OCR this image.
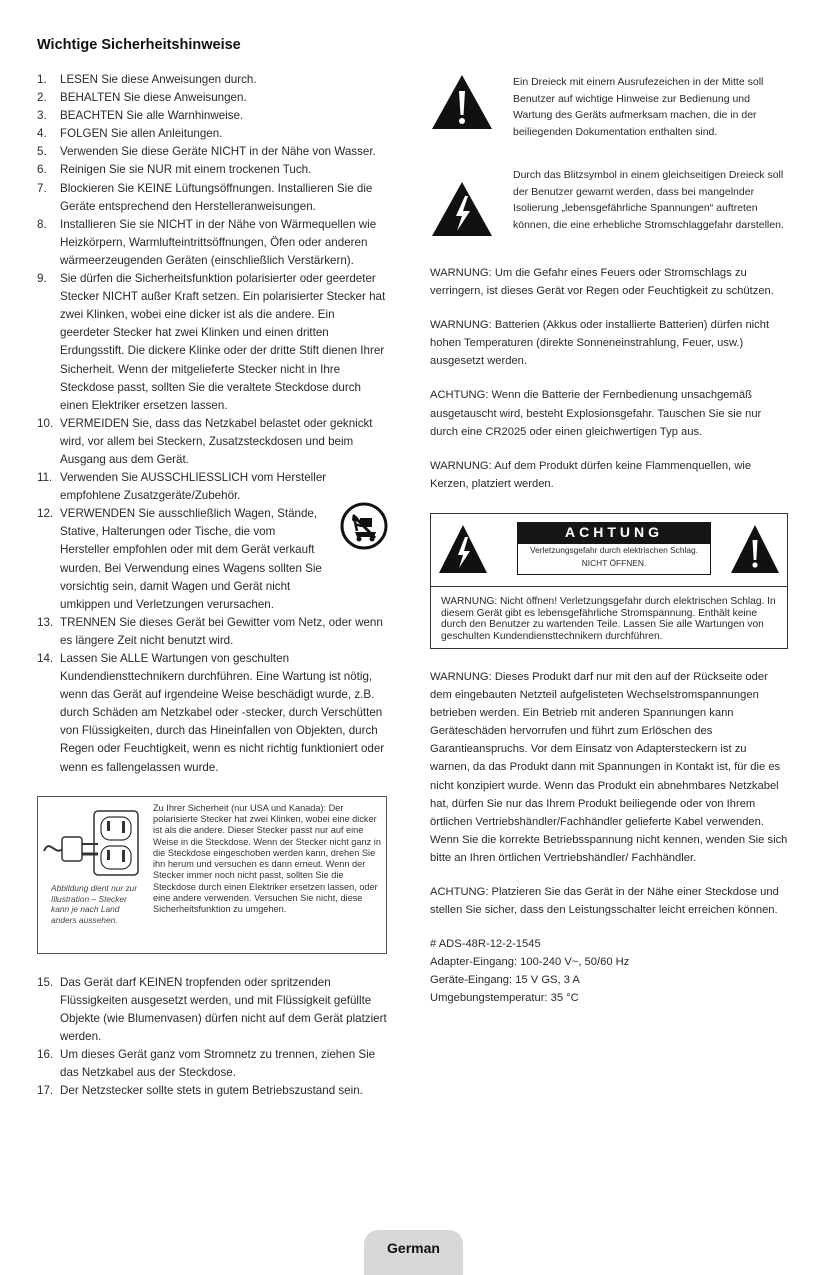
Wichtige Sicherheitshinweise
1. LESEN Sie diese Anweisungen durch.
2. BEHALTEN Sie diese Anweisungen.
3. BEACHTEN Sie alle Warnhinweise.
4. FOLGEN Sie allen Anleitungen.
5. Verwenden Sie diese Geräte NICHT in der Nähe von Wasser.
6. Reinigen Sie sie NUR mit einem trockenen Tuch.
7. Blockieren Sie KEINE Lüftungsöffnungen. Installieren Sie die Geräte entsprechend den Herstelleranweisungen.
8. Installieren Sie sie NICHT in der Nähe von Wärmequellen wie Heizkörpern, Warmlufteintrittsöffnungen, Öfen oder anderen wärmeerzeugenden Geräten (einschließlich Verstärkern).
9. Sie dürfen die Sicherheitsfunktion polarisierter oder geerdeter Stecker NICHT außer Kraft setzen. Ein polarisierter Stecker hat zwei Klinken, wobei eine dicker ist als die andere. Ein geerdeter Stecker hat zwei Klinken und einen dritten Erdungsstift. Die dickere Klinke oder der dritte Stift dienen Ihrer Sicherheit. Wenn der mitgelieferte Stecker nicht in Ihre Steckdose passt, sollten Sie die veraltete Steckdose durch einen Elektriker ersetzen lassen.
10. VERMEIDEN Sie, dass das Netzkabel belastet oder geknickt wird, vor allem bei Steckern, Zusatzsteckdosen und beim Ausgang aus dem Gerät.
11. Verwenden Sie AUSSCHLIESSLICH vom Hersteller empfohlene Zusatzgeräte/Zubehör.
12. VERWENDEN Sie ausschließlich Wagen, Stände, Stative, Halterungen oder Tische, die vom Hersteller empfohlen oder mit dem Gerät verkauft wurden. Bei Verwendung eines Wagens sollten Sie vorsichtig sein, damit Wagen und Gerät nicht umkippen und Verletzungen verursachen.
13. TRENNEN Sie dieses Gerät bei Gewitter vom Netz, oder wenn es längere Zeit nicht benutzt wird.
14. Lassen Sie ALLE Wartungen von geschulten Kundendiensttechnikern durchführen. Eine Wartung ist nötig, wenn das Gerät auf irgendeine Weise beschädigt wurde, z.B. durch Schäden am Netzkabel oder -stecker, durch Verschütten von Flüssigkeiten, durch das Hineinfallen von Objekten, durch Regen oder Feuchtigkeit, wenn es nicht richtig funktioniert oder wenn es fallengelassen wurde.
Abbildung dient nur zur Illustration – Stecker kann je nach Land anders aussehen.
Zu Ihrer Sicherheit (nur USA und Kanada): Der polarisierte Stecker hat zwei Klinken, wobei eine dicker ist als die andere. Dieser Stecker passt nur auf eine Weise in die Steckdose. Wenn der Stecker nicht ganz in die Steckdose eingeschoben werden kann, drehen Sie ihn herum und versuchen es dann erneut. Wenn der Stecker immer noch nicht passt, sollten Sie die Steckdose durch einen Elektriker ersetzen lassen, oder eine andere verwenden. Versuchen Sie nicht, diese Sicherheitsfunktion zu umgehen.
15. Das Gerät darf KEINEN tropfenden oder spritzenden Flüssigkeiten ausgesetzt werden, und mit Flüssigkeit gefüllte Objekte (wie Blumenvasen) dürfen nicht auf dem Gerät platziert werden.
16. Um dieses Gerät ganz vom Stromnetz zu trennen, ziehen Sie das Netzkabel aus der Steckdose.
17. Der Netzstecker sollte stets in gutem Betriebszustand sein.
Ein Dreieck mit einem Ausrufezeichen in der Mitte soll Benutzer auf wichtige Hinweise zur Bedienung und Wartung des Geräts aufmerksam machen, die in der beiliegenden Dokumentation enthalten sind.
Durch das Blitzsymbol in einem gleichseitigen Dreieck soll der Benutzer gewarnt werden, dass bei mangelnder Isolierung „lebensgefährliche Spannungen“ auftreten können, die eine erhebliche Stromschlaggefahr darstellen.

WARNUNG: Um die Gefahr eines Feuers oder Stromschlags zu verringern, ist dieses Gerät vor Regen oder Feuchtigkeit zu schützen.

WARNUNG: Batterien (Akkus oder installierte Batterien) dürfen nicht hohen Temperaturen (direkte Sonneneinstrahlung, Feuer, usw.) ausgesetzt werden.

ACHTUNG: Wenn die Batterie der Fernbedienung unsachgemäß ausgetauscht wird, besteht Explosionsgefahr. Tauschen Sie sie nur durch eine CR2025 oder einen gleichwertigen Typ aus.

WARNUNG: Auf dem Produkt dürfen keine Flammenquellen, wie Kerzen, platziert werden.

ACHTUNG
Verletzungsgefahr durch elektrischen Schlag. NICHT ÖFFNEN.
WARNUNG: Nicht öffnen! Verletzungsgefahr durch elektrischen Schlag. In diesem Gerät gibt es lebensgefährliche Stromspannung. Enthält keine durch den Benutzer zu wartenden Teile. Lassen Sie alle Wartungen von geschulten Kundendiensttechnikern durchführen.

WARNUNG: Dieses Produkt darf nur mit den auf der Rückseite oder dem eingebauten Netzteil aufgelisteten Wechselstromspannungen betrieben werden. Ein Betrieb mit anderen Spannungen kann Geräteschäden hervorrufen und führt zum Erlöschen des Garantieanspruchs. Vor dem Einsatz von Adaptersteckern ist zu warnen, da das Produkt dann mit Spannungen in Kontakt ist, für die es nicht konzipiert wurde. Wenn das Produkt ein abnehmbares Netzkabel hat, dürfen Sie nur das Ihrem Produkt beiliegende oder von Ihrem örtlichen Vertriebshändler/Fachhändler gelieferte Kabel verwenden. Wenn Sie die korrekte Betriebsspannung nicht kennen, wenden Sie sich bitte an Ihren örtlichen Vertriebshändler/ Fachhändler.

ACHTUNG: Platzieren Sie das Gerät in der Nähe einer Steckdose und stellen Sie sicher, dass den Leistungsschalter leicht erreichen können.

# ADS-48R-12-2-1545
Adapter-Eingang: 100-240 V~, 50/60 Hz
Geräte-Eingang: 15 V GS, 3 A
Umgebungstemperatur: 35 °C
German
